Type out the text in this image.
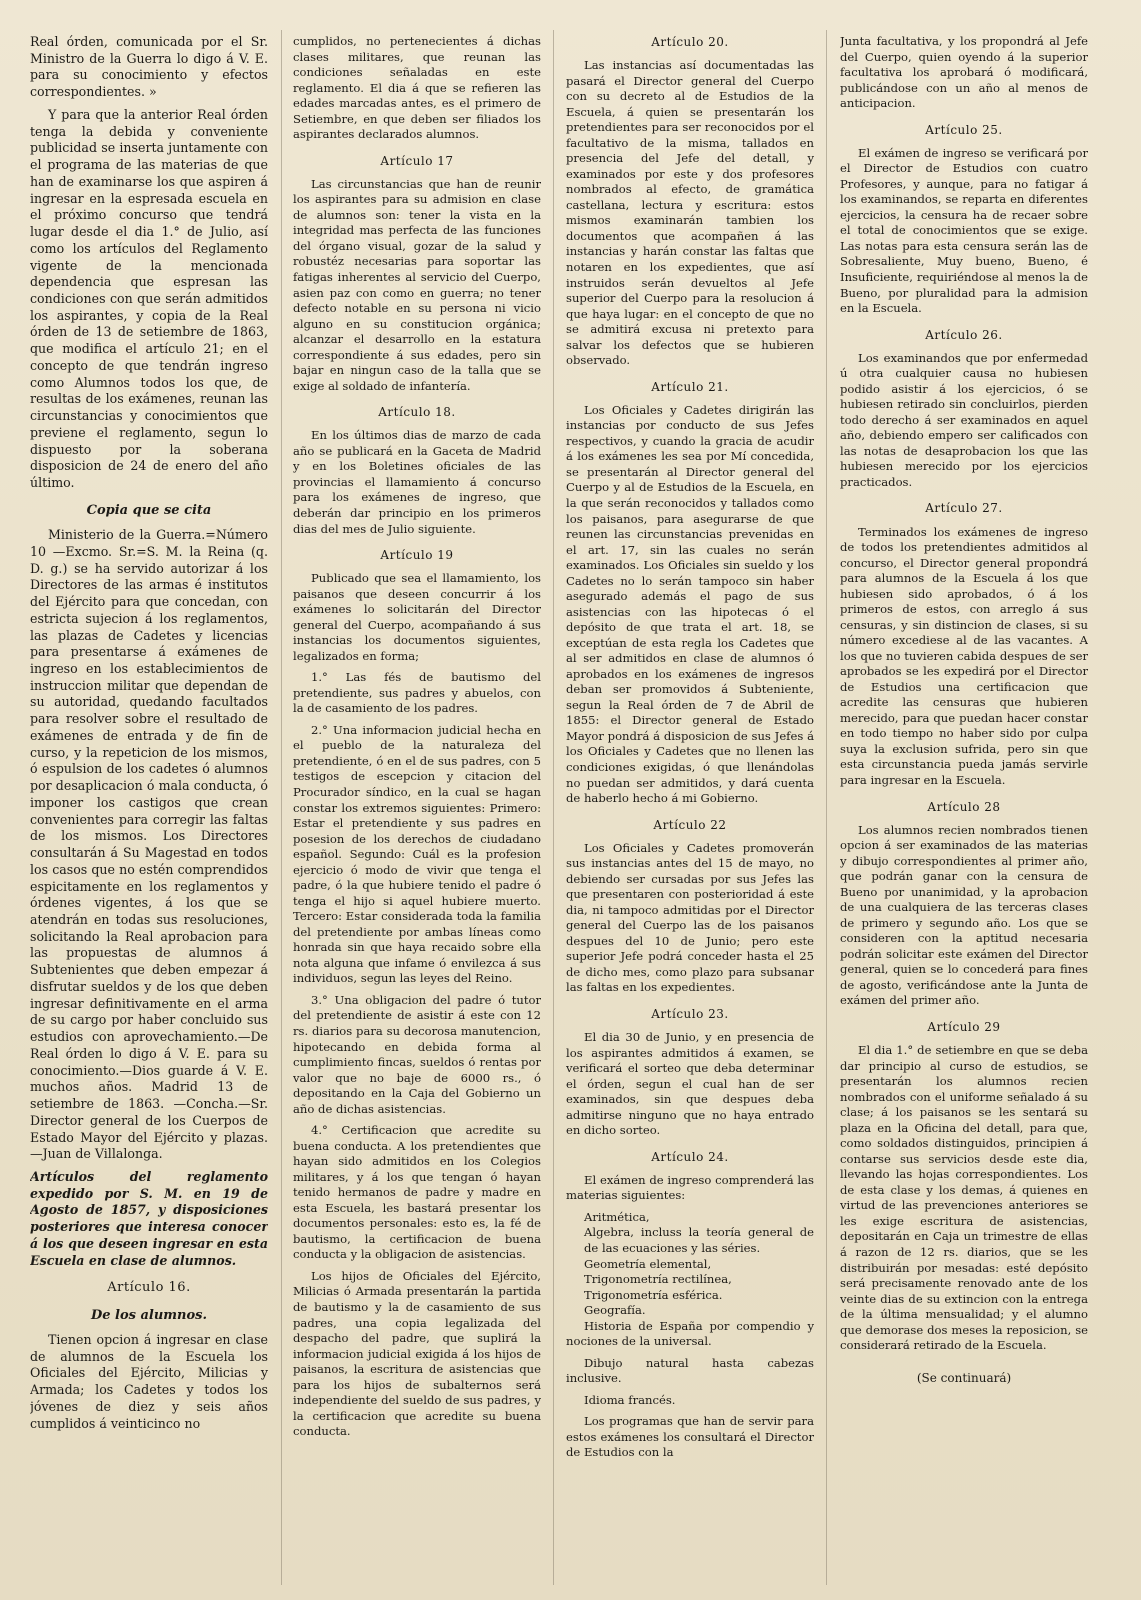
Real órden, comunicada por el Sr. Ministro de la Guerra lo digo á V. E. para su conocimiento y efectos correspondientes. »

Y para que la anterior Real órden tenga la debida y conveniente publicidad se inserta juntamente con el programa de las materias de que han de examinarse los que aspiren á ingresar en la espresada escuela en el próximo concurso que tendrá lugar desde el dia 1.° de Julio, así como los artículos del Reglamento vigente de la mencionada dependencia que espresan las condiciones con que serán admitidos los aspirantes, y copia de la Real órden de 13 de setiembre de 1863, que modifica el artículo 21; en el concepto de que tendrán ingreso como Alumnos todos los que, de resultas de los exámenes, reunan las circunstancias y conocimientos que previene el reglamento, segun lo dispuesto por la soberana disposicion de 24 de enero del año último.

Copia que se cita

Ministerio de la Guerra.=Número 10 —Excmo. Sr.=S. M. la Reina (q. D. g.) se ha servido autorizar á los Directores de las armas é institutos del Ejército para que concedan, con estricta sujecion á los reglamentos, las plazas de Cadetes y licencias para presentarse á exámenes de ingreso en los establecimientos de instruccion militar que dependan de su autoridad, quedando facultados para resolver sobre el resultado de exámenes de entrada y de fin de curso, y la repeticion de los mismos, ó espulsion de los cadetes ó alumnos por desaplicacion ó mala conducta, ó imponer los castigos que crean convenientes para corregir las faltas de los mismos. Los Directores consultarán á Su Magestad en todos los casos que no estén comprendidos espicitamente en los reglamentos y órdenes vigentes, á los que se atendrán en todas sus resoluciones, solicitando la Real aprobacion para las propuestas de alumnos á Subtenientes que deben empezar á disfrutar sueldos y de los que deben ingresar definitivamente en el arma de su cargo por haber concluido sus estudios con aprovechamiento.—De Real órden lo digo á V. E. para su conocimiento.—Dios guarde á V. E. muchos años. Madrid 13 de setiembre de 1863. —Concha.—Sr. Director general de los Cuerpos de Estado Mayor del Ejército y plazas.—Juan de Villalonga.

Artículos del reglamento expedido por S. M. en 19 de Agosto de 1857, y disposiciones posteriores que interesa conocer á los que deseen ingresar en esta Escuela en clase de alumnos.

Artículo 16.
De los alumnos.

Tienen opcion á ingresar en clase de alumnos de la Escuela los Oficiales del Ejército, Milicias y Armada; los Cadetes y todos los jóvenes de diez y seis años cumplidos á veinticinco no

cumplidos, no pertenecientes á dichas clases militares, que reunan las condiciones señaladas en este reglamento. El dia á que se refieren las edades marcadas antes, es el primero de Setiembre, en que deben ser filiados los aspirantes declarados alumnos.

Artículo 17

Las circunstancias que han de reunir los aspirantes para su admision en clase de alumnos son: tener la vista en la integridad mas perfecta de las funciones del órgano visual, gozar de la salud y robustéz necesarias para soportar las fatigas inherentes al servicio del Cuerpo, asien paz con como en guerra; no tener defecto notable en su persona ni vicio alguno en su constitucion orgánica; alcanzar el desarrollo en la estatura correspondiente á sus edades, pero sin bajar en ningun caso de la talla que se exige al soldado de infantería.

Artículo 18.

En los últimos dias de marzo de cada año se publicará en la Gaceta de Madrid y en los Boletines oficiales de las provincias el llamamiento á concurso para los exámenes de ingreso, que deberán dar principio en los primeros dias del mes de Julio siguiente.

Artículo 19

Publicado que sea el llamamiento, los paisanos que deseen concurrir á los exámenes lo solicitarán del Director general del Cuerpo, acompañando á sus instancias los documentos siguientes, legalizados en forma;

1.° Las fés de bautismo del pretendiente, sus padres y abuelos, con la de casamiento de los padres.

2.° Una informacion judicial hecha en el pueblo de la naturaleza del pretendiente, ó en el de sus padres, con 5 testigos de escepcion y citacion del Procurador síndico, en la cual se hagan constar los extremos siguientes: Primero: Estar el pretendiente y sus padres en posesion de los derechos de ciudadano español. Segundo: Cuál es la profesion ejercicio ó modo de vivir que tenga el padre, ó la que hubiere tenido el padre ó tenga el hijo si aquel hubiere muerto. Tercero: Estar considerada toda la familia del pretendiente por ambas líneas como honrada sin que haya recaido sobre ella nota alguna que infame ó envilezca á sus individuos, segun las leyes del Reino.

3.° Una obligacion del padre ó tutor del pretendiente de asistir á este con 12 rs. diarios para su decorosa manutencion, hipotecando en debida forma al cumplimiento fincas, sueldos ó rentas por valor que no baje de 6000 rs., ó depositando en la Caja del Gobierno un año de dichas asistencias.

4.° Certificacion que acredite su buena conducta. A los pretendientes que hayan sido admitidos en los Colegios militares, y á los que tengan ó hayan tenido hermanos de padre y madre en esta Escuela, les bastará presentar los documentos personales: esto es, la fé de bautismo, la certificacion de buena conducta y la obligacion de asistencias.

Los hijos de Oficiales del Ejército, Milicias ó Armada presentarán la partida de bautismo y la de casamiento de sus padres, una copia legalizada del despacho del padre, que suplirá la informacion judicial exigida á los hijos de paisanos, la escritura de asistencias que para los hijos de subalternos será independiente del sueldo de sus padres, y la certificacion que acredite su buena conducta.

Artículo 20.

Las instancias así documentadas las pasará el Director general del Cuerpo con su decreto al de Estudios de la Escuela, á quien se presentarán los pretendientes para ser reconocidos por el facultativo de la misma, tallados en presencia del Jefe del detall, y examinados por este y dos profesores nombrados al efecto, de gramática castellana, lectura y escritura: estos mismos examinarán tambien los documentos que acompañen á las instancias y harán constar las faltas que notaren en los expedientes, que así instruidos serán devueltos al Jefe superior del Cuerpo para la resolucion á que haya lugar: en el concepto de que no se admitirá excusa ni pretexto para salvar los defectos que se hubieren observado.

Artículo 21.

Los Oficiales y Cadetes dirigirán las instancias por conducto de sus Jefes respectivos, y cuando la gracia de acudir á los exámenes les sea por Mí concedida, se presentarán al Director general del Cuerpo y al de Estudios de la Escuela, en la que serán reconocidos y tallados como los paisanos, para asegurarse de que reunen las circunstancias prevenidas en el art. 17, sin las cuales no serán examinados. Los Oficiales sin sueldo y los Cadetes no lo serán tampoco sin haber asegurado además el pago de sus asistencias con las hipotecas ó el depósito de que trata el art. 18, se exceptúan de esta regla los Cadetes que al ser admitidos en clase de alumnos ó aprobados en los exámenes de ingresos deban ser promovidos á Subteniente, segun la Real órden de 7 de Abril de 1855: el Director general de Estado Mayor pondrá á disposicion de sus Jefes á los Oficiales y Cadetes que no llenen las condiciones exigidas, ó que llenándolas no puedan ser admitidos, y dará cuenta de haberlo hecho á mi Gobierno.

Artículo 22

Los Oficiales y Cadetes promoverán sus instancias antes del 15 de mayo, no debiendo ser cursadas por sus Jefes las que presentaren con posterioridad á este dia, ni tampoco admitidas por el Director general del Cuerpo las de los paisanos despues del 10 de Junio; pero este superior Jefe podrá conceder hasta el 25 de dicho mes, como plazo para subsanar las faltas en los expedientes.

Artículo 23.

El dia 30 de Junio, y en presencia de los aspirantes admitidos á examen, se verificará el sorteo que deba determinar el órden, segun el cual han de ser examinados, sin que despues deba admitirse ninguno que no haya entrado en dicho sorteo.

Artículo 24.

El exámen de ingreso comprenderá las materias siguientes:

Aritmética,
Algebra, incluss la teoría general de de las ecuaciones y las séries.
Geometría elemental,
Trigonometría rectilínea,
Trigonometría esférica.
Geografía.

Historia de España por compendio y nociones de la universal.

Dibujo natural hasta cabezas inclusive.

Idioma francés.

Los programas que han de servir para estos exámenes los consultará el Director de Estudios con la

Junta facultativa, y los propondrá al Jefe del Cuerpo, quien oyendo á la superior facultativa los aprobará ó modificará, publicándose con un año al menos de anticipacion.

Artículo 25.

El exámen de ingreso se verificará por el Director de Estudios con cuatro Profesores, y aunque, para no fatigar á los examinandos, se reparta en diferentes ejercicios, la censura ha de recaer sobre el total de conocimientos que se exige. Las notas para esta censura serán las de Sobresaliente, Muy bueno, Bueno, é Insuficiente, requiriéndose al menos la de Bueno, por pluralidad para la admision en la Escuela.

Artículo 26.

Los examinandos que por enfermedad ú otra cualquier causa no hubiesen podido asistir á los ejercicios, ó se hubiesen retirado sin concluirlos, pierden todo derecho á ser examinados en aquel año, debiendo empero ser calificados con las notas de desaprobacion los que las hubiesen merecido por los ejercicios practicados.

Artículo 27.

Terminados los exámenes de ingreso de todos los pretendientes admitidos al concurso, el Director general propondrá para alumnos de la Escuela á los que hubiesen sido aprobados, ó á los primeros de estos, con arreglo á sus censuras, y sin distincion de clases, si su número excediese al de las vacantes. A los que no tuvieren cabida despues de ser aprobados se les expedirá por el Director de Estudios una certificacion que acredite las censuras que hubieren merecido, para que puedan hacer constar en todo tiempo no haber sido por culpa suya la exclusion sufrida, pero sin que esta circunstancia pueda jamás servirle para ingresar en la Escuela.

Artículo 28

Los alumnos recien nombrados tienen opcion á ser examinados de las materias y dibujo correspondientes al primer año, que podrán ganar con la censura de Bueno por unanimidad, y la aprobacion de una cualquiera de las terceras clases de primero y segundo año. Los que se consideren con la aptitud necesaria podrán solicitar este exámen del Director general, quien se lo concederá para fines de agosto, verificándose ante la Junta de exámen del primer año.

Artículo 29

El dia 1.° de setiembre en que se deba dar principio al curso de estudios, se presentarán los alumnos recien nombrados con el uniforme señalado á su clase; á los paisanos se les sentará su plaza en la Oficina del detall, para que, como soldados distinguidos, principien á contarse sus servicios desde este dia, llevando las hojas correspondientes. Los de esta clase y los demas, á quienes en virtud de las prevenciones anteriores se les exige escritura de asistencias, depositarán en Caja un trimestre de ellas á razon de 12 rs. diarios, que se les distribuirán por mesadas: esté depósito será precisamente renovado ante de los veinte dias de su extincion con la entrega de la última mensualidad; y el alumno que demorase dos meses la reposicion, se considerará retirado de la Escuela.

(Se continuará)
